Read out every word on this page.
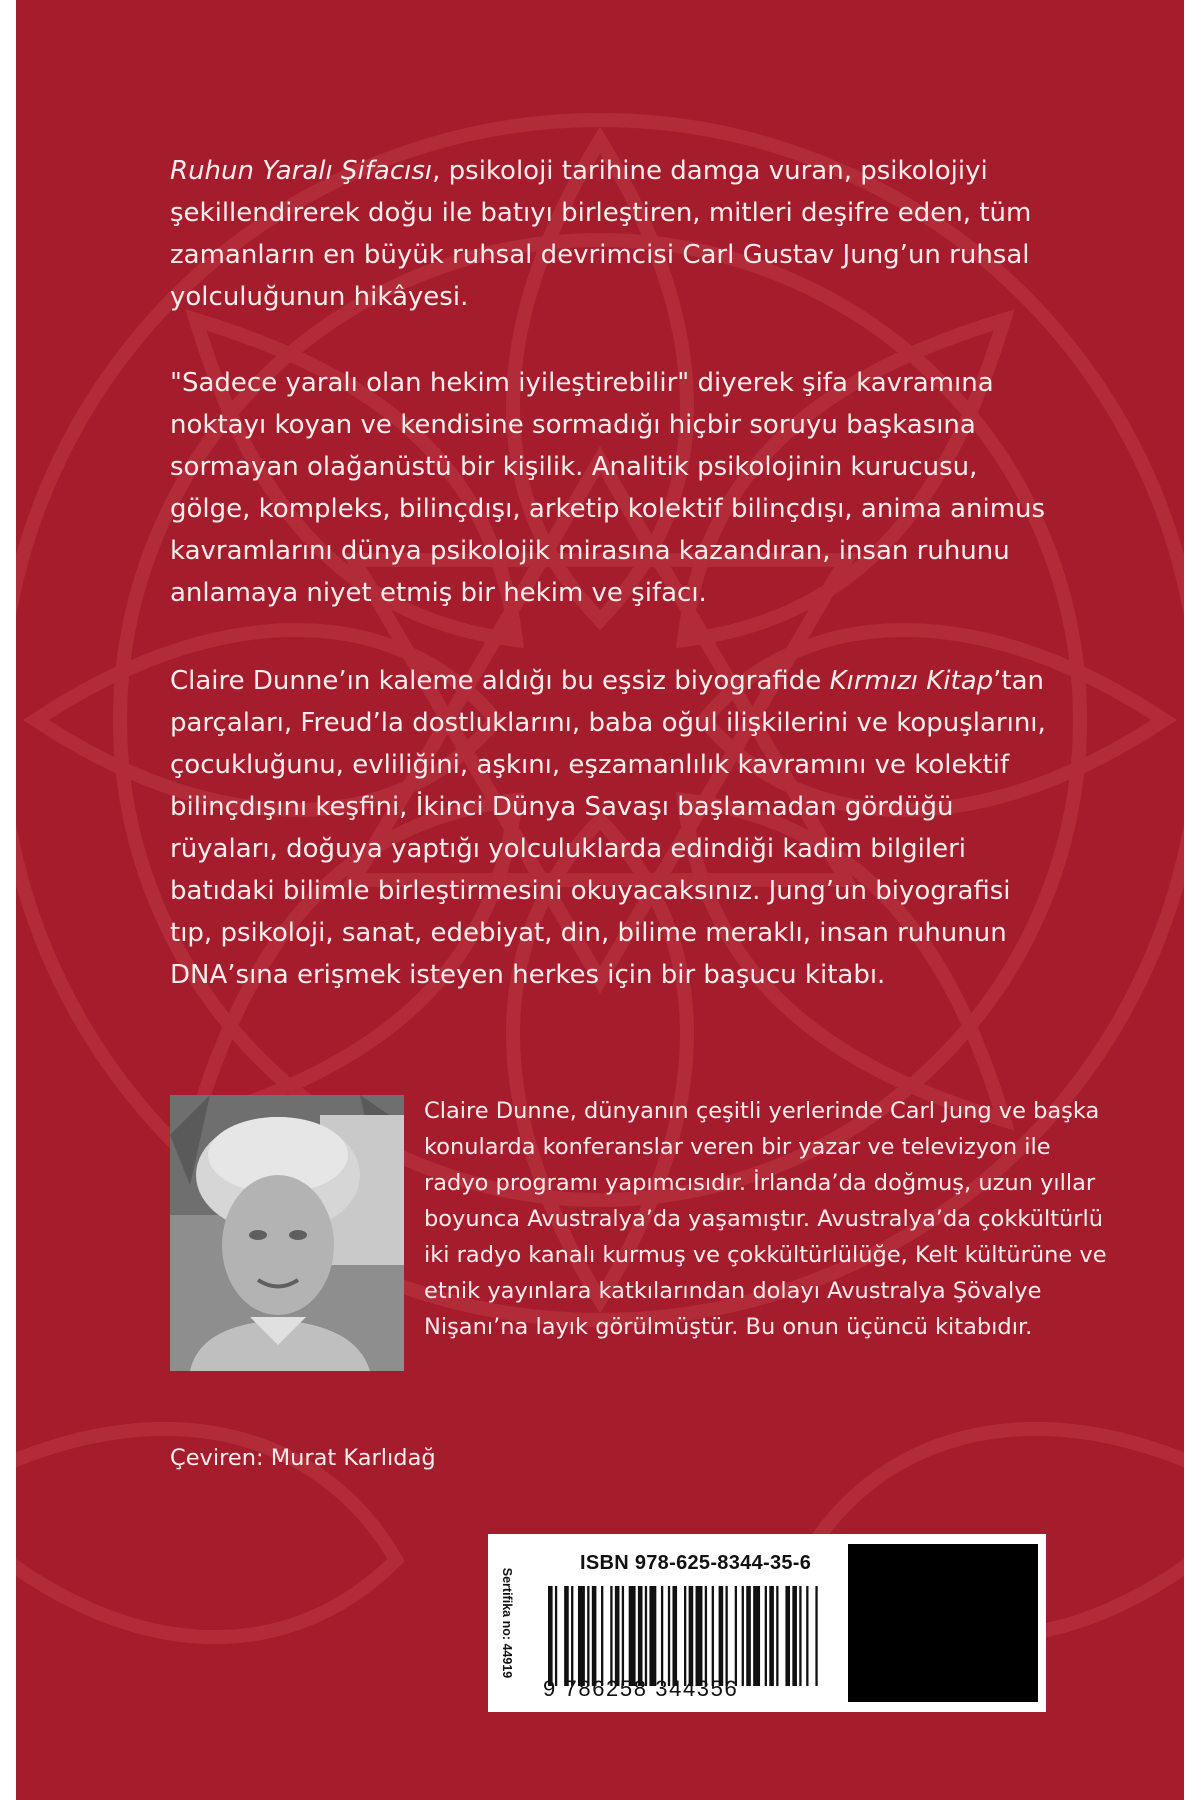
Ruhun Yaralı Şifacısı, psikoloji tarihine damga vuran, psikolojiyi şekillendirerek doğu ile batıyı birleştiren, mitleri deşifre eden, tüm zamanların en büyük ruhsal devrimcisi Carl Gustav Jung’un ruhsal yolculuğunun hikâyesi.

"Sadece yaralı olan hekim iyileştirebilir" diyerek şifa kavramına noktayı koyan ve kendisine sormadığı hiçbir soruyu başkasına sormayan olağanüstü bir kişilik. Analitik psikolojinin kurucusu, gölge, kompleks, bilinçdışı, arketip kolektif bilinçdışı, anima animus kavramlarını dünya psikolojik mirasına kazandıran, insan ruhunu anlamaya niyet etmiş bir hekim ve şifacı.

Claire Dunne’ın kaleme aldığı bu eşsiz biyografide Kırmızı Kitap’tan parçaları, Freud’la dostluklarını, baba oğul ilişkilerini ve kopuşlarını, çocukluğunu, evliliğini, aşkını, eşzamanlılık kavramını ve kolektif bilinçdışını keşfini, İkinci Dünya Savaşı başlamadan gördüğü rüyaları, doğuya yaptığı yolculuklarda edindiği kadim bilgileri batıdaki bilimle birleştirmesini okuyacaksınız. Jung’un biyografisi tıp, psikoloji, sanat, edebiyat, din, bilime meraklı, insan ruhunun DNA’sına erişmek isteyen herkes için bir başucu kitabı.

Claire Dunne, dünyanın çeşitli yerlerinde Carl Jung ve başka konularda konferanslar veren bir yazar ve televizyon ile radyo programı yapımcısıdır. İrlanda’da doğmuş, uzun yıllar boyunca Avustralya’da yaşamıştır. Avustralya’da çokkültürlü iki radyo kanalı kurmuş ve çokkültürlülüğe, Kelt kültürüne ve etnik yayınlara katkılarından dolayı Avustralya Şövalye Nişanı’na layık görülmüştür. Bu onun üçüncü kitabıdır.

Çeviren: Murat Karlıdağ
Sertifika no: 44919
ISBN 978-625-8344-35-6
9 786258 344356
